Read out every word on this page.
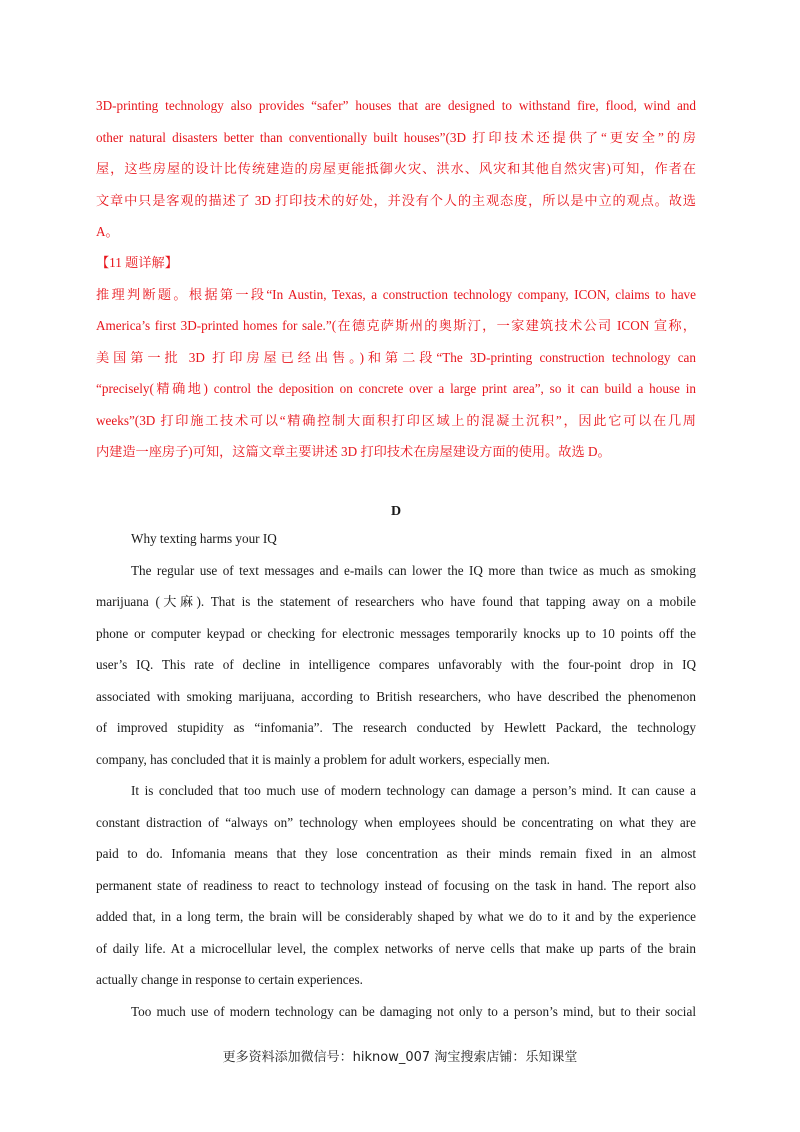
3D-printing technology also provides “safer” houses that are designed to withstand fire, flood, wind and
other natural disasters better than conventionally built houses”(3D 打印技术还提供了“更安全”的房
屋，这些房屋的设计比传统建造的房屋更能抵御火灾、洪水、风灾和其他自然灾害)可知，作者在
文章中只是客观的描述了 3D 打印技术的好处，并没有个人的主观态度，所以是中立的观点。故选
A。
【11 题详解】
推理判断题。根据第一段“In Austin, Texas, a construction technology company, ICON, claims to have
America’s first 3D-printed homes for sale.”(在德克萨斯州的奥斯汀，一家建筑技术公司 ICON 宣称，
美国第一批 3D 打印房屋已经出售。)和第二段“The 3D-printing construction technology can
“precisely(精确地) control the deposition on concrete over a large print area”, so it can build a house in
weeks”(3D 打印施工技术可以“精确控制大面积打印区域上的混凝土沉积”，因此它可以在几周
内建造一座房子)可知，这篇文章主要讲述 3D 打印技术在房屋建设方面的使用。故选 D。
D
Why texting harms your IQ
The regular use of text messages and e-mails can lower the IQ more than twice as much as smoking
marijuana (大麻). That is the statement of researchers who have found that tapping away on a mobile
phone or computer keypad or checking for electronic messages temporarily knocks up to 10 points off the
user’s IQ. This rate of decline in intelligence compares unfavorably with the four-point drop in IQ
associated with smoking marijuana, according to British researchers, who have described the phenomenon
of improved stupidity as “infomania”. The research conducted by Hewlett Packard, the technology
company, has concluded that it is mainly a problem for adult workers, especially men.
It is concluded that too much use of modern technology can damage a person’s mind. It can cause a
constant distraction of “always on” technology when employees should be concentrating on what they are
paid to do. Infomania means that they lose concentration as their minds remain fixed in an almost
permanent state of readiness to react to technology instead of focusing on the task in hand. The report also
added that, in a long term, the brain will be considerably shaped by what we do to it and by the experience
of daily life. At a microcellular level, the complex networks of nerve cells that make up parts of the brain
actually change in response to certain experiences.
Too much use of modern technology can be damaging not only to a person’s mind, but to their social
更多资料添加微信号：hiknow_007 淘宝搜索店铺：乐知课堂
